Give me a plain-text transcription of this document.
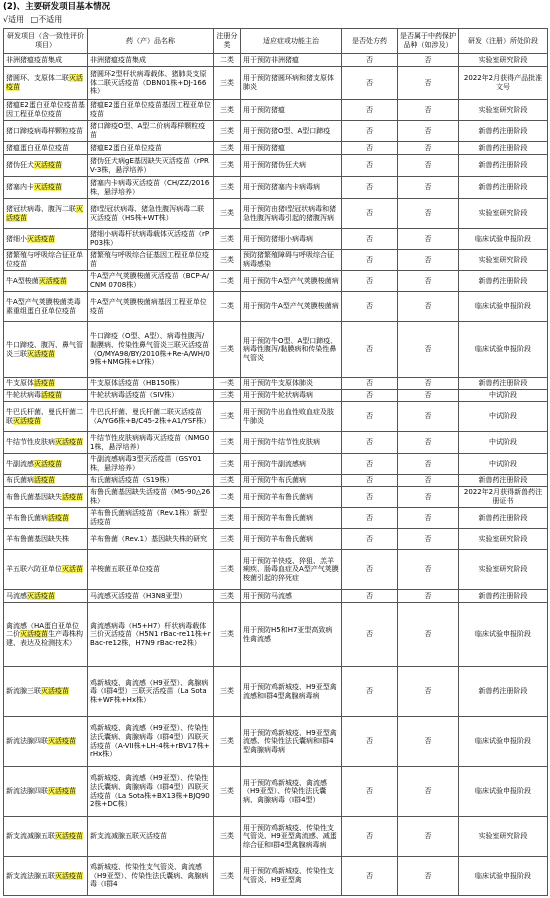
(2)、主要研发项目基本情况
√适用 □不适用
研发项目（含一致性评价项目）	药（产）品名称	注册分类	适应症或功能主治	是否处方药	是否属于中药保护品种（如涉及）	研发（注册）所处阶段
非洲猪瘟疫苗集成	非洲猪瘟疫苗集成	二类	用于预防非洲猪瘟	否	否	实验室研究阶段
猪圆环、支原体二联灭活疫苗	猪圆环2型杆状病毒载体、猪肺炎支原体二联灭活疫苗（DBN01株+DJ-166株）	三类	用于预防猪圆环病和猪支原体肺炎	否	否	2022年2月获得产品批准文号
猪瘟E2蛋白亚单位疫苗基因工程亚单位疫苗	猪瘟E2蛋白亚单位疫苗基因工程亚单位疫苗	三类	用于预防猪瘟	否	否	实验室研究阶段
猪口蹄疫病毒样颗粒疫苗	猪口蹄疫O型、A型二价病毒样颗粒疫苗	三类	用于预防猪O型、A型口蹄疫	否	否	新兽药注册阶段
猪瘟蛋白亚单位疫苗	猪瘟E2蛋白亚单位疫苗	三类	用于预防猪瘟	否	否	新兽药注册阶段
猪伪狂犬灭活疫苗	猪伪狂犬病gE基因缺失灭活疫苗（rPRV-3株，悬浮培养）	三类	用于预防猪伪狂犬病	否	否	新兽药注册阶段
猪塞内卡灭活疫苗	猪塞内卡病毒灭活疫苗（CH/ZZ/2016株，悬浮培养）	三类	用于预防猪塞内卡病毒病	否	否	新兽药注册阶段
猪冠状病毒、腹泻二联灭活疫苗	猪Ⅰ型冠状病毒、猪急性腹泻病毒二联灭活疫苗（HS株+WT株）	三类	用于预防由猪Ⅰ型冠状病毒和猪急性腹泻病毒引起的猪腹泻病	否	否	实验室研究阶段
猪细小灭活疫苗	猪细小病毒杆状病毒载体灭活疫苗（rPP03株）	三类	用于预防猪细小病毒病	否	否	临床试验申报阶段
猪繁殖与呼吸综合征亚单位疫苗	猪繁殖与呼吸综合征基因工程亚单位疫苗	三类	预防猪繁殖障碍与呼吸综合征病毒感染	否	否	实验室研究阶段
牛A型梭菌灭活疫苗	牛A型产气荚膜梭菌灭活疫苗（BCP-A/CNM 0708株）	二类	用于预防牛A型产气荚膜梭菌病	否	否	新兽药注册阶段
牛A型产气荚膜梭菌类毒素重组蛋白亚单位疫苗	牛A型产气荚膜梭菌病基因工程亚单位疫苗	二类	用于预防牛A型产气荚膜梭菌病	否	否	临床试验申报阶段
牛口蹄疫、腹泻、鼻气管炎三联灭活疫苗	牛口蹄疫（O型、A型）、病毒性腹泻/黏膜病、传染性鼻气管炎三联灭活疫苗（O/MYA98/BY/2010株+Re-A/WH/09株+NMG株+LY株）	三类	用于预防牛O型、A型口蹄疫、病毒性腹泻/黏膜病和传染性鼻气管炎	否	否	临床试验申报阶段
牛支原体活疫苗	牛支原体活疫苗（HB150株）	一类	用于预防牛支原体肺炎	否	否	新兽药注册阶段
牛轮状病毒活疫苗	牛轮状病毒活疫苗（SIV株）	三类	用于预防牛轮状病毒病	否	否	中试阶段
牛巴氏杆菌、曼氏杆菌二联灭活疫苗	牛巴氏杆菌、曼氏杆菌二联灭活疫苗（A/YG6株+B/C45-2株+A1/YSF株）	三类	用于预防牛出血性败血症及肢牛肺炎	否	否	中试阶段
牛结节性皮肤病灭活疫苗	牛结节性皮肤病病毒灭活疫苗（NMG01株，悬浮培养）	三类	用于预防牛结节性皮肤病	否	否	中试阶段
牛副流感灭活疫苗	牛副流感病毒3型灭活疫苗（GSY01株，悬浮培养）	三类	用于预防牛副流感病	否	否	中试阶段
布氏菌病活疫苗	布氏菌病活疫苗（S19株）	三类	用于预防牛布氏菌病	否	否	新兽药注册阶段
布鲁氏菌基因缺失活疫苗	布鲁氏菌基因缺失活疫苗（M5-90△26株）	二类	用于预防羊布鲁氏菌病	否	否	2022年2月获得新兽药注册证书
羊布鲁氏菌病活疫苗	羊布鲁氏菌病活疫苗（Rev.1株）新型活疫苗	三类	用于预防羊布鲁氏菌病	否	否	新兽药注册阶段
羊布鲁菌基因缺失株	羊布鲁菌（Rev.1）基因缺失株的研究	三类	用于预防羊布鲁氏菌病	否	否	实验室研究阶段
羊五联六防亚单位灭活苗	羊梭菌五联亚单位疫苗	三类	用于预防羊快疫、猝狙、羔羊痢疾、肠毒血症及A型产气荚膜梭菌引起的猝死症	否	否	实验室研究阶段
马流感灭活疫苗	马流感灭活疫苗（H3N8亚型）	三类	用于预防马流感	否	否	新兽药注册阶段
禽流感（HA蛋白亚单位二价灭活疫苗生产毒株构建、表达及检测技术）	禽流感病毒（H5+H7）杆状病毒载体三价灭活疫苗（H5N1 rBac-re11株+rBac-re12株，H7N9 rBac-re2株）	三类	用于预防H5和H7亚型高致病性禽流感	否	否	临床试验申报阶段
新流腺三联灭活疫苗	鸡新城疫、禽流感（H9亚型）、禽腺病毒（I群4型）三联灭活疫苗（La Sota株+WF株+Hx株）	三类	用于预防鸡新城疫、H9亚型禽流感和I群4型禽腺病毒病	否	否	新兽药注册阶段
新流法腺四联灭活疫苗	鸡新城疫、禽流感（H9亚型）、传染性法氏囊病、禽腺病毒（I群4型）四联灭活疫苗（A-VII株+LH-4株+rBV17株+rHx株）	三类	用于预防鸡新城疫、H9亚型禽流感、传染性法氏囊病和I群4型禽腺病毒病	否	否	临床试验申报阶段
新流法腺四联灭活疫苗	鸡新城疫、禽流感（H9亚型）、传染性法氏囊病、禽腺病毒（I群4型）四联灭活疫苗（La Sota株+BX13株+BJQ902株+DC株）	三类	用于预防鸡新城疫、禽流感（H9亚型）、传染性法氏囊病、禽腺病毒（I群4型）	否	否	临床试验申报阶段
新支流减腺五联灭活疫苗	新支流减腺五联灭活疫苗	三类	用于预防鸡新城疫、传染性支气管炎、H9亚型禽流感、减蛋综合征和I群4型禽腺病毒病	否	否	实验室研究阶段
新支流法腺五联灭活疫苗	鸡新城疫、传染性支气管炎、禽流感（H9亚型）、传染性法氏囊病、禽腺病毒（I群4	三类	用于预防鸡新城疫、传染性支气管炎、H9亚型禽	否	否	临床试验申报阶段
